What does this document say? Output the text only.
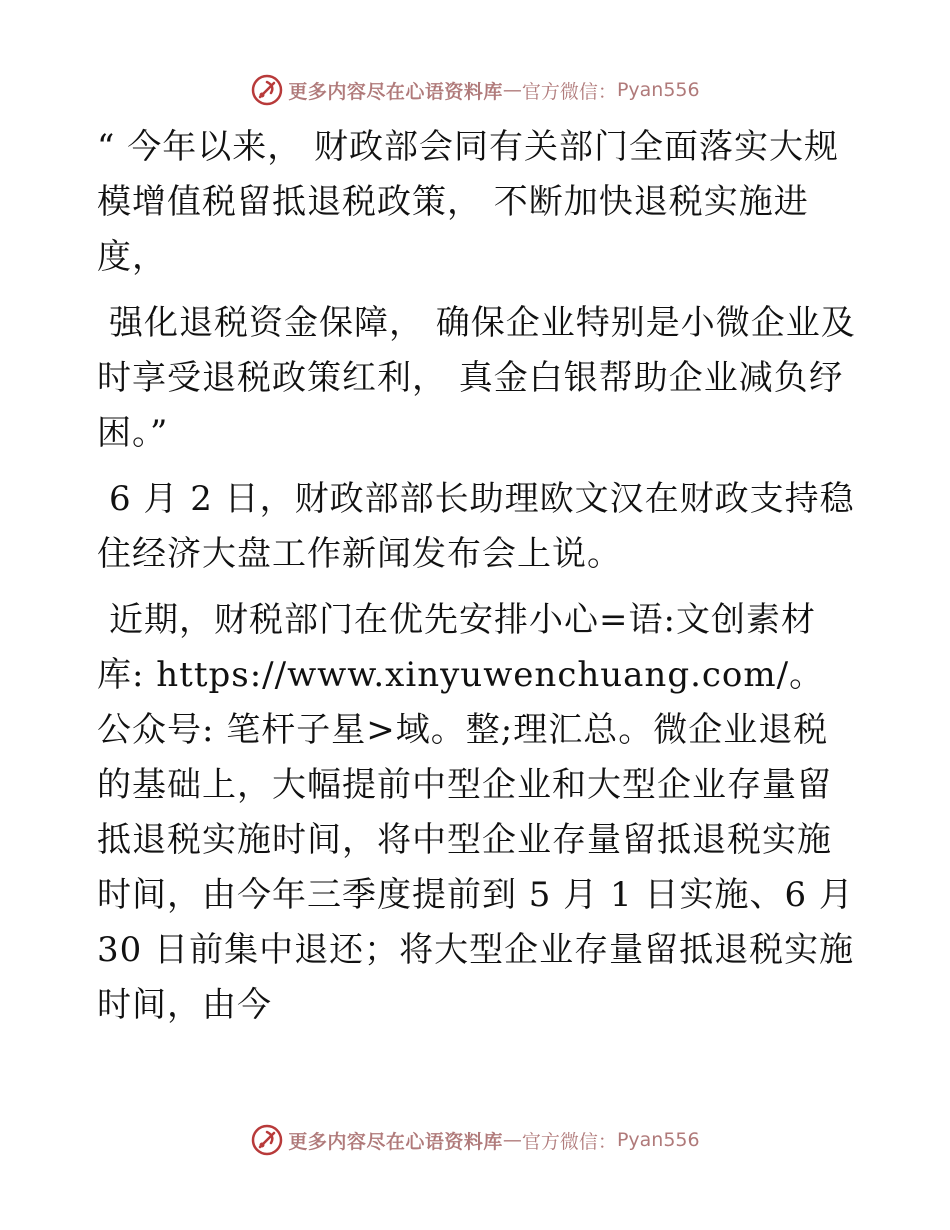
更多内容尽在心语资料库 — 官方微信： Pyan556

“ 今年以来， 财政部会同有关部门全面落实大规模增值税留抵退税政策， 不断加快退税实施进度，

强化退税资金保障， 确保企业特别是小微企业及时享受退税政策红利， 真金白银帮助企业减负纾困。”

6 月 2 日，财政部部长助理欧文汉在财政支持稳住经济大盘工作新闻发布会上说。

近期，财税部门在优先安排小心=语:文创素材库: https://www.xinyuwenchuang.com/。公众号: 笔杆子星>域。整;理汇总。微企业退税的基础上，大幅提前中型企业和大型企业存量留抵退税实施时间，将中型企业存量留抵退税实施时间，由今年三季度提前到 5 月 1 日实施、6 月 30 日前集中退还；将大型企业存量留抵退税实施时间，由今

更多内容尽在心语资料库 — 官方微信： Pyan556
